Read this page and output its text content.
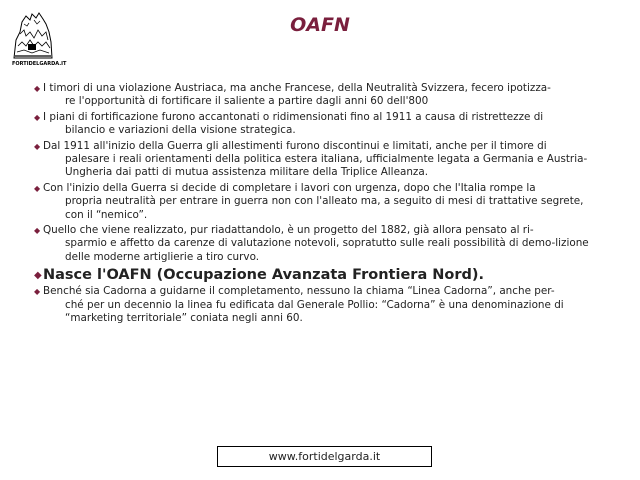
FORTIDELGARDA.IT
OAFN
◆ I timori di una violazione Austriaca, ma anche Francese, della Neutralità Svizzera, fecero ipotizza-
re l'opportunità di fortificare il saliente a partire dagli anni 60 dell'800
◆ I piani di fortificazione furono accantonati o ridimensionati fino al 1911 a causa di ristrettezze di
bilancio e variazioni della visione strategica.
◆ Dal 1911 all'inizio della Guerra gli allestimenti furono discontinui e limitati, anche per il timore di

palesare i reali orientamenti della politica estera italiana, ufficialmente legata a Germania e Austria-Ungheria dai patti di mutua assistenza militare della Triplice Alleanza.
◆ Con l'inizio della Guerra si decide di completare i lavori con urgenza, dopo che l'Italia rompe la

propria neutralità per entrare in guerra non con l'alleato ma, a seguito di mesi di trattative segrete, con il “nemico”.
◆ Quello che viene realizzato, pur riadattandolo, è un progetto del 1882, già allora pensato al ri-

sparmio e affetto da carenze di valutazione notevoli, sopratutto sulle reali possibilità di demo-lizione delle moderne artiglierie a tiro curvo.
◆ Nasce l'OAFN (Occupazione Avanzata Frontiera Nord).
◆ Benché sia Cadorna a guidarne il completamento, nessuno la chiama “Linea Cadorna”, anche per-

ché per un decennio la linea fu edificata dal Generale Pollio: “Cadorna” è una denominazione di “marketing territoriale” coniata negli anni 60.
www.fortidelgarda.it
